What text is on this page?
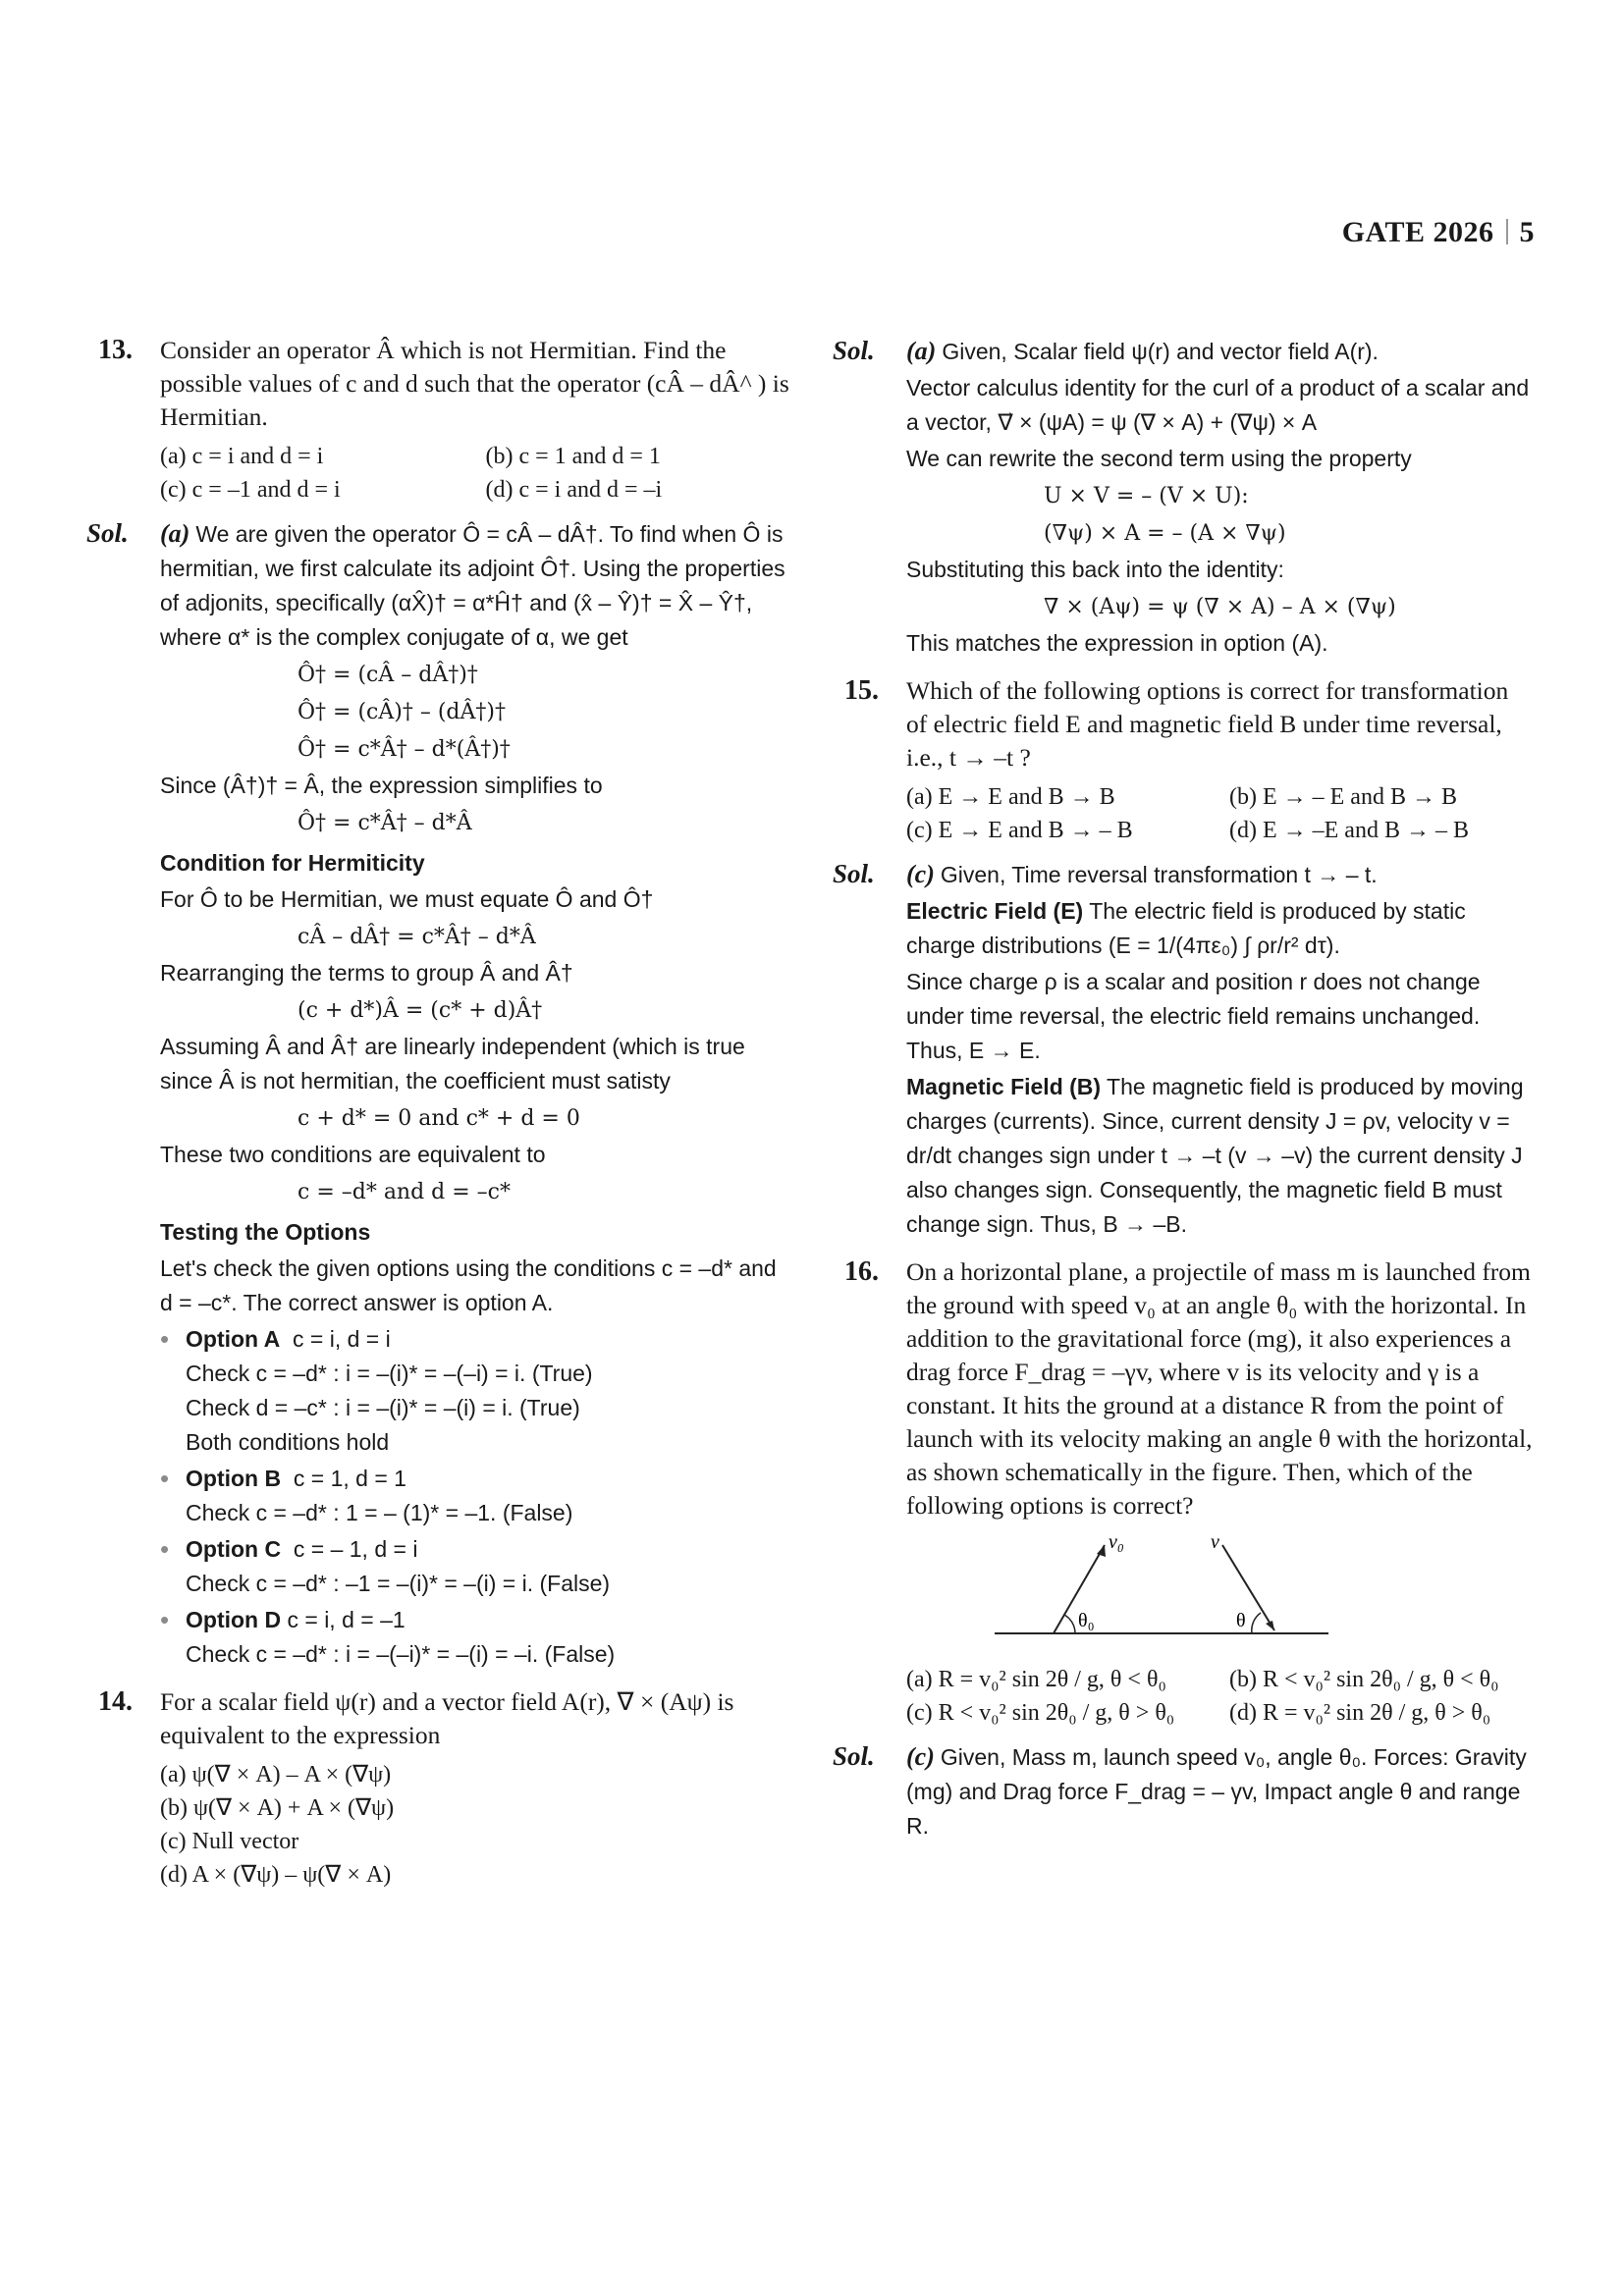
GATE 2026 5
13. Consider an operator Â which is not Hermitian. Find the possible values of c and d such that the operator (cÂ – dÂ^ ) is Hermitian.

(a) c = i and d = i	(b) c = 1 and d = 1
(c) c = –1 and d = i	(d) c = i and d = –i
Sol. (a) We are given the operator Ô = cÂ – dÂ†. To find when Ô is hermitian, we first calculate its adjoint Ô†. Using the properties of adjonits, specifically (αX̂)† = α*Ĥ† and (x̂ – Ŷ)† = X̂ – Ŷ†, where α* is the complex conjugate of α, we get

Ô† = (cÂ – dÂ†)†
Ô† = (cÂ)† – (dÂ†)†
Ô† = c*Â† – d*(Â†)†

Since (Â†)† = Â, the expression simplifies to

Ô† = c*Â† – d*Â

Condition for Hermiticity

For Ô to be Hermitian, we must equate Ô and Ô†

cÂ – dÂ† = c*Â† – d*Â

Rearranging the terms to group Â and Â†

(c + d*)Â = (c* + d)Â†

Assuming Â and Â† are linearly independent (which is true since Â is not hermitian, the coefficient must satisty

c + d* = 0 and c* + d = 0

These two conditions are equivalent to

c = –d* and d = –c*

Testing the Options

Let's check the given options using the conditions c = –d* and d = –c*. The correct answer is option A.

• Option A c = i, d = i
Check c = –d* : i = –(i)* = –(–i) = i. (True)
Check d = –c* : i = –(i)* = –(i) = i. (True)
Both conditions hold
• Option B c = 1, d = 1
Check c = –d* : 1 = – (1)* = –1. (False)
• Option C c = – 1, d = i
Check c = –d* : –1 = –(i)* = –(i) = i. (False)
• Option D c = i, d = –1
Check c = –d* : i = –(–i)* = –(i) = –i. (False)
14. For a scalar field ψ(r) and a vector field A(r), ∇ × (Aψ) is equivalent to the expression

(a) ψ(∇ × A) – A × (∇ψ)
(b) ψ(∇ × A) + A × (∇ψ)
(c) Null vector
(d) A × (∇ψ) – ψ(∇ × A)
Sol. (a) Given, Scalar field ψ(r) and vector field A(r).

Vector calculus identity for the curl of a product of a scalar and a vector, ∇⃗ × (ψA) = ψ (∇ × A) + (∇ψ) × A

We can rewrite the second term using the property

U × V = – (V × U):
(∇ψ) × A = – (A × ∇ψ)

Substituting this back into the identity:

∇ × (Aψ) = ψ (∇ × A) – A × (∇ψ)

This matches the expression in option (A).

15. Which of the following options is correct for transformation of electric field E and magnetic field B under time reversal, i.e., t → –t ?

(a) E → E and B → B	(b) E → – E and B → B
(c) E → E and B → – B	(d) E → –E and B → – B
Sol. (c) Given, Time reversal transformation t → – t.

Electric Field (E) The electric field is produced by static charge distributions (E = 1/(4πε₀) ∫ ρr/r² dτ).

Since charge ρ is a scalar and position r does not change under time reversal, the electric field remains unchanged. Thus, E → E.

Magnetic Field (B) The magnetic field is produced by moving charges (currents). Since, current density J = ρv, velocity v = dr/dt changes sign under t → –t (v → –v) the current density J also changes sign. Consequently, the magnetic field B must change sign. Thus, B → –B.

16. On a horizontal plane, a projectile of mass m is launched from the ground with speed v₀ at an angle θ₀ with the horizontal. In addition to the gravitational force (mg), it also experiences a drag force F_drag = –γv, where v is its velocity and γ is a constant. It hits the ground at a distance R from the point of launch with its velocity making an angle θ with the horizontal, as shown schematically in the figure. Then, which of the following options is correct?

v₀
θ₀
v
θ
(a) R = v₀² sin 2θ / g, θ < θ₀	(b) R < v₀² sin 2θ₀ / g, θ < θ₀
(c) R < v₀² sin 2θ₀ / g, θ > θ₀	(d) R = v₀² sin 2θ / g, θ > θ₀
Sol. (c) Given, Mass m, launch speed v₀, angle θ₀. Forces: Gravity (mg) and Drag force F_drag = – γv, Impact angle θ and range R.
